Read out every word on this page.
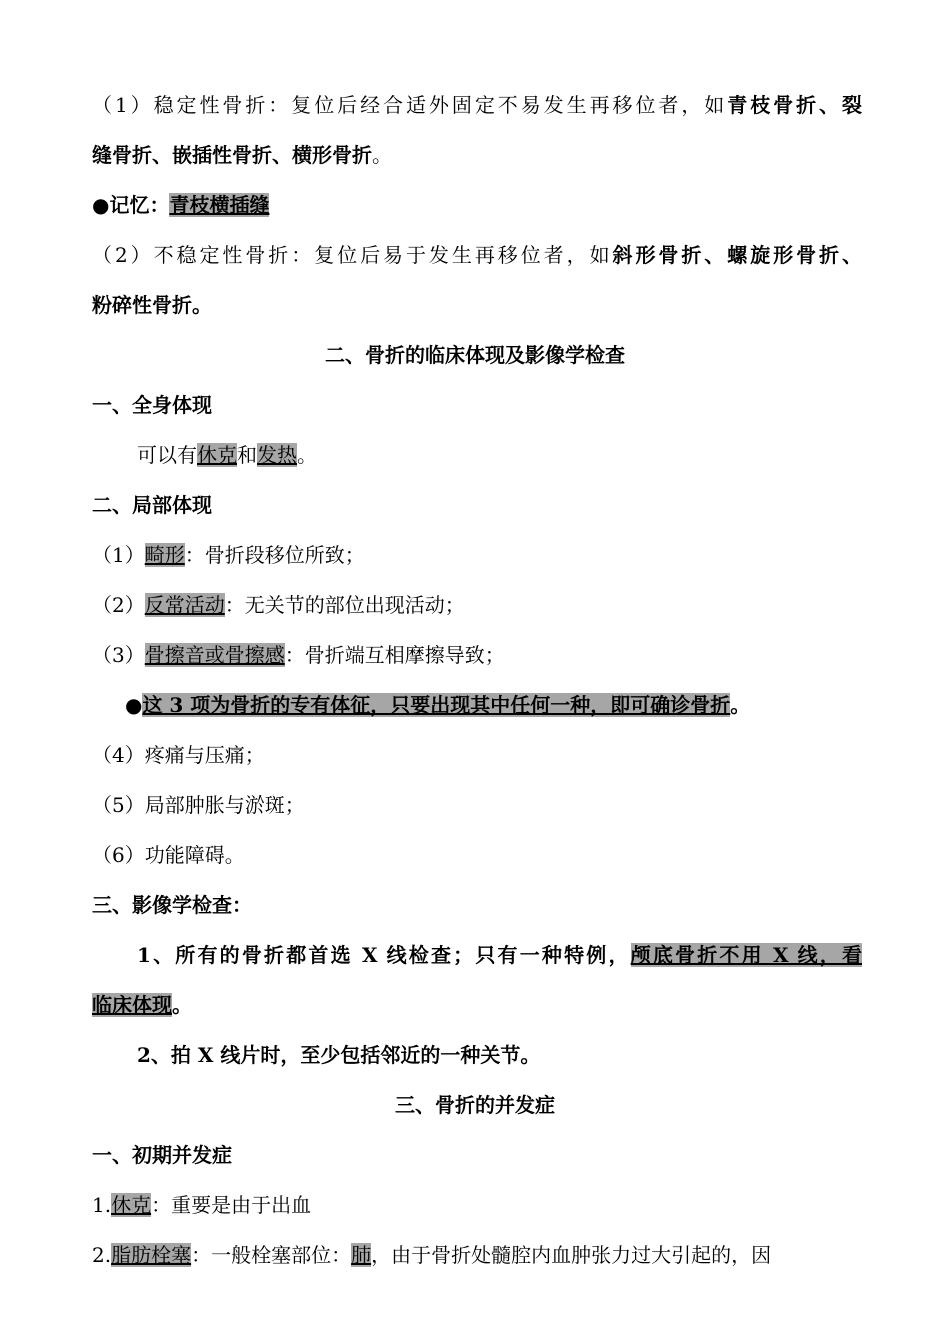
（1）稳定性骨折：复位后经合适外固定不易发生再移位者，如青枝骨折、裂
缝骨折、嵌插性骨折、横形骨折。
●记忆：青枝横插缝
（2）不稳定性骨折：复位后易于发生再移位者，如斜形骨折、螺旋形骨折、
粉碎性骨折。
二、骨折的临床体现及影像学检查
一、全身体现
可以有休克和发热。
二、局部体现
（1）畸形：骨折段移位所致；
（2）反常活动：无关节的部位出现活动；
（3）骨擦音或骨擦感：骨折端互相摩擦导致；
●这 3 项为骨折的专有体征，只要出现其中任何一种，即可确诊骨折。
（4）疼痛与压痛；
（5）局部肿胀与淤斑；
（6）功能障碍。
三、影像学检查：
1、所有的骨折都首选 X 线检查；只有一种特例，颅底骨折不用 X 线，看
临床体现。
2、拍 X 线片时，至少包括邻近的一种关节。
三、骨折的并发症
一、初期并发症
1.休克：重要是由于出血
2.脂肪栓塞：一般栓塞部位：肺，由于骨折处髓腔内血肿张力过大引起的，因
